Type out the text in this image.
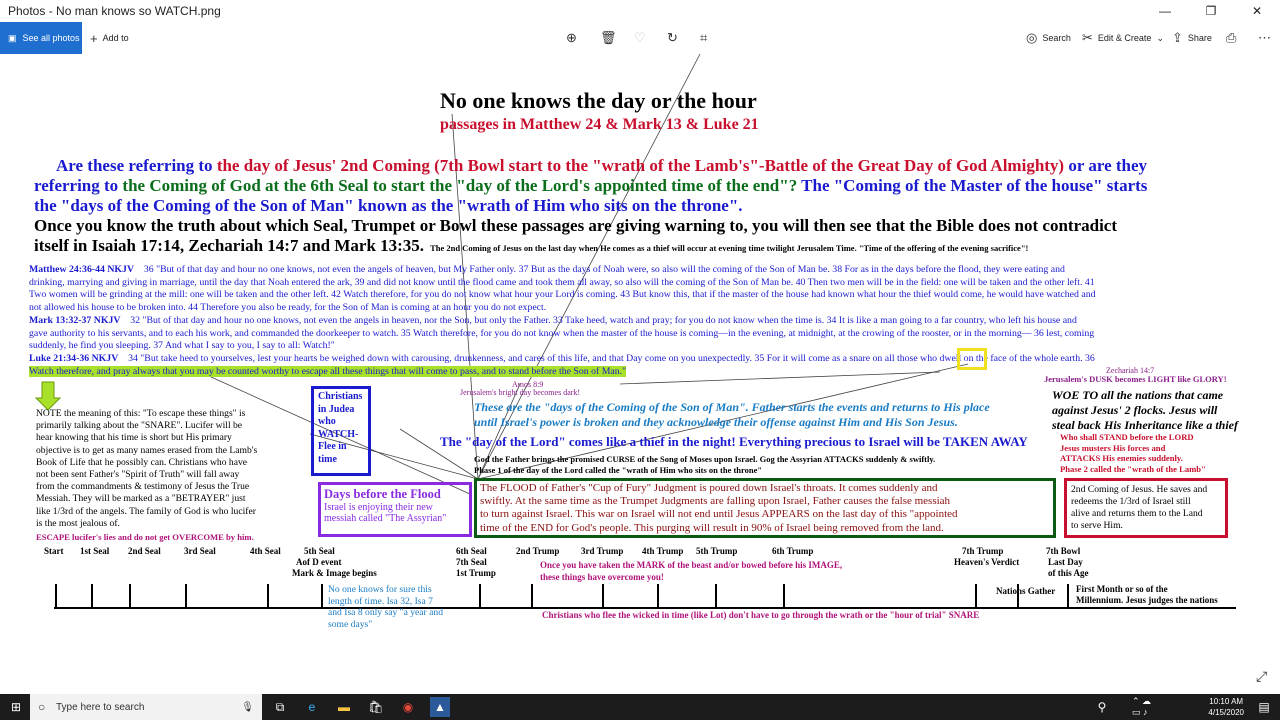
Photos - No man knows so WATCH.png	—	❐	✕
▣ See all photos + Add to	⊕ 🗑 ♡ ↻ ⌗	◎ Search ✂ Edit & Create ⌄ ⇪ Share ⎙ ⋯
No one knows the day or the hour
passages in Matthew 24 & Mark 13 & Luke 21
Are these referring to the day of Jesus' 2nd Coming (7th Bowl start to the "wrath of the Lamb's"-Battle of the Great Day of God Almighty) or are they
referring to the Coming of God at the 6th Seal to start the "day of the Lord's appointed time of the end"? The "Coming of the Master of the house" starts
the "days of the Coming of the Son of Man" known as the "wrath of Him who sits on the throne".
Once you know the truth about which Seal, Trumpet or Bowl these passages are giving warning to, you will then see that the Bible does not contradict
itself in Isaiah 17:14, Zechariah 14:7 and Mark 13:35. The 2nd Coming of Jesus on the last day when He comes as a thief will occur at evening time twilight Jerusalem Time. "Time of the offering of the evening sacrifice"!
Matthew 24:36-44 NKJV 36 "But of that day and hour no one knows, not even the angels of heaven, but My Father only. 37 But as the days of Noah were, so also will the coming of the Son of Man be. 38 For as in the days before the flood, they were eating and
drinking, marrying and giving in marriage, until the day that Noah entered the ark, 39 and did not know until the flood came and took them all away, so also will the coming of the Son of Man be. 40 Then two men will be in the field: one will be taken and the other left. 41
Two women will be grinding at the mill: one will be taken and the other left. 42 Watch therefore, for you do not know what hour your Lord is coming. 43 But know this, that if the master of the house had known what hour the thief would come, he would have watched and
not allowed his house to be broken into. 44 Therefore you also be ready, for the Son of Man is coming at an hour you do not expect.
Mark 13:32-37 NKJV 32 "But of that day and hour no one knows, not even the angels in heaven, nor the Son, but only the Father. 33 Take heed, watch and pray; for you do not know when the time is. 34 It is like a man going to a far country, who left his house and
gave authority to his servants, and to each his work, and commanded the doorkeeper to watch. 35 Watch therefore, for you do not know when the master of the house is coming—in the evening, at midnight, at the crowing of the rooster, or in the morning— 36 lest, coming
suddenly, he find you sleeping. 37 And what I say to you, I say to all: Watch!"
Luke 21:34-36 NKJV 34 "But take heed to yourselves, lest your hearts be weighed down with carousing, drunkenness, and cares of this life, and that Day come on you unexpectedly. 35 For it will come as a snare on all those who dwell on the face of the whole earth. 36
Watch therefore, and pray always that you may be counted worthy to escape all these things that will come to pass, and to stand before the Son of Man."
NOTE the meaning of this: "To escape these things" is
primarily talking about the "SNARE". Lucifer will be
hear knowing that his time is short but His primary
objective is to get as many names erased from the Lamb's
Book of Life that he possibly can. Christians who have
not been sent Father's "Spirit of Truth" will fall away
from the commandments & testimony of Jesus the True
Messiah. They will be marked as a "BETRAYER" just
like 1/3rd of the angels. The family of God is who lucifer
is the most jealous of.
ESCAPE lucifer's lies and do not get OVERCOME by him.
Christians
in Judea
who
WATCH-
Flee in
time
Days before the Flood
Israel is enjoying their new
messiah called "The Assyrian"
Amos 8:9
Jerusalem's bright day becomes dark!
Zechariah 14:7
Jerusalem's DUSK becomes LIGHT like GLORY!
These are the "days of the Coming of the Son of Man". Father starts the events and returns to His place
until Israel's power is broken and they acknowledge their offense against Him and His Son Jesus.
The "day of the Lord" comes like a thief in the night! Everything precious to Israel will be TAKEN AWAY
God the Father brings the promised CURSE of the Song of Moses upon Israel. Gog the Assyrian ATTACKS suddenly & swiftly.
Phase 1 of the day of the Lord called the "wrath of Him who sits on the throne"
The FLOOD of Father's "Cup of Fury" Judgment is poured down Israel's throats. It comes suddenly and
swiftly. At the same time as the Trumpet Judgments are falling upon Israel, Father causes the false messiah
to turn against Israel. This war on Israel will not end until Jesus APPEARS on the last day of this "appointed
time of the END for God's people. This purging will result in 90% of Israel being removed from the land.
WOE TO all the nations that came
against Jesus' 2 flocks. Jesus will
steal back His Inheritance like a thief
Who shall STAND before the LORD
Jesus musters His forces and
ATTACKS His enemies suddenly.
Phase 2 called the "wrath of the Lamb"
2nd Coming of Jesus. He saves and
redeems the 1/3rd of Israel still
alive and returns them to the Land
to serve Him.
Start 1st Seal 2nd Seal	3rd Seal	4th Seal	5th Seal
Aof D event
Mark & Image begins
6th Seal
7th Seal
1st Trump
2nd Trump 3rd Trump 4th Trump 5th Trump	6th Trump	7th Trump
Heaven's Verdict
7th Bowl
Last Day
of this Age
Nations Gather First Month or so of the
Millennium. Jesus judges the nations
No one knows for sure this
length of time. Isa 32, Isa 7
and Isa 8 only say "a year and
some days"
Once you have taken the MARK of the beast and/or bowed before his IMAGE,
these things have overcome you!
Christians who flee the wicked in time (like Lot) don't have to go through the wrath or the "hour of trial" SNARE
⤢
⊞	○ Type here to search	🎙	⧉	e	▬	🛍	◉	▲	⚲	⌃ ☁ ▭ ♪
10:10 AM
4/15/2020	▤
